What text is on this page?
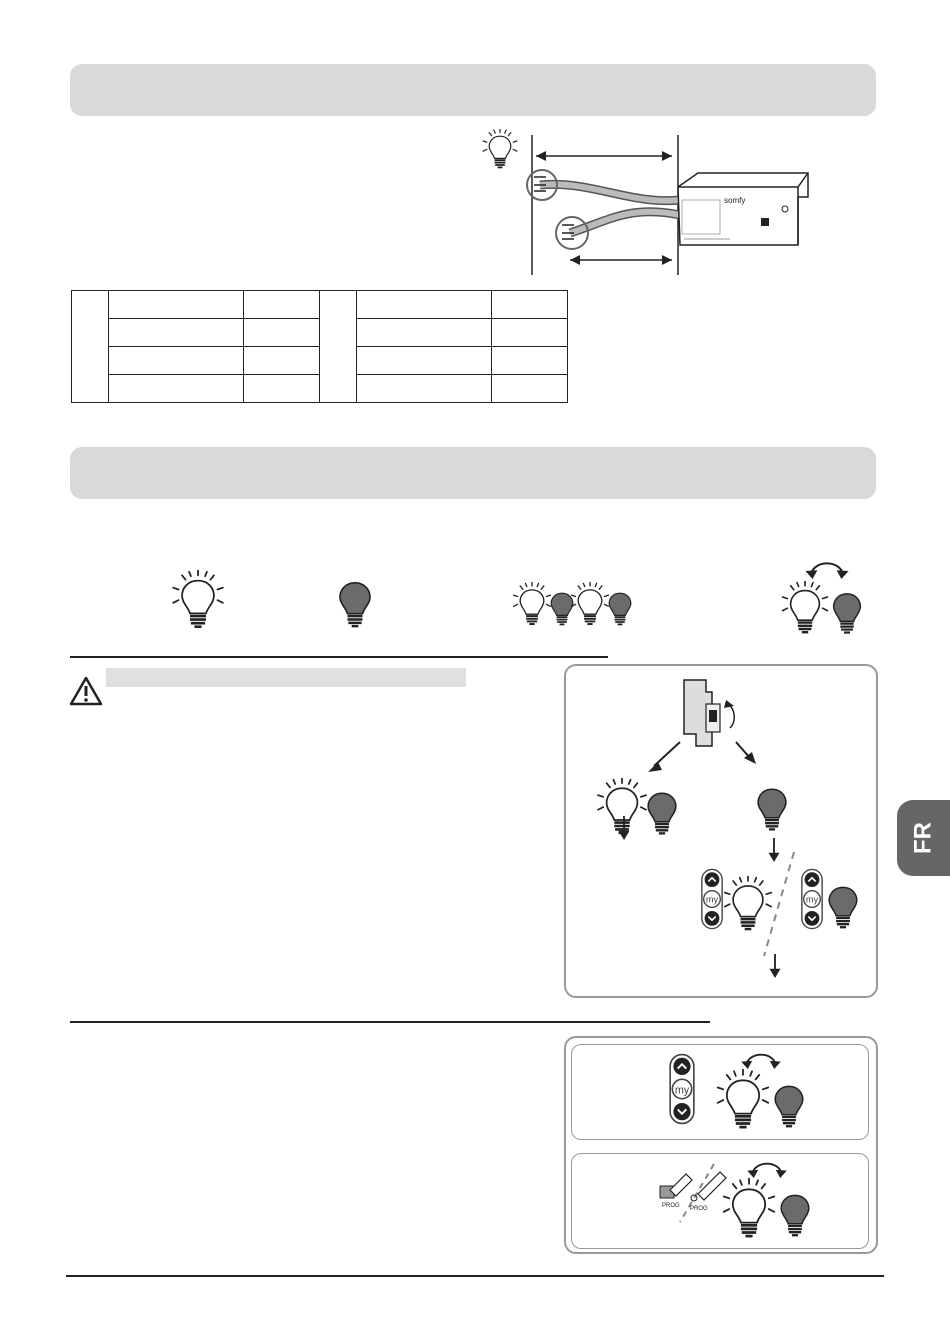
somfy

PROG PROG
FR
